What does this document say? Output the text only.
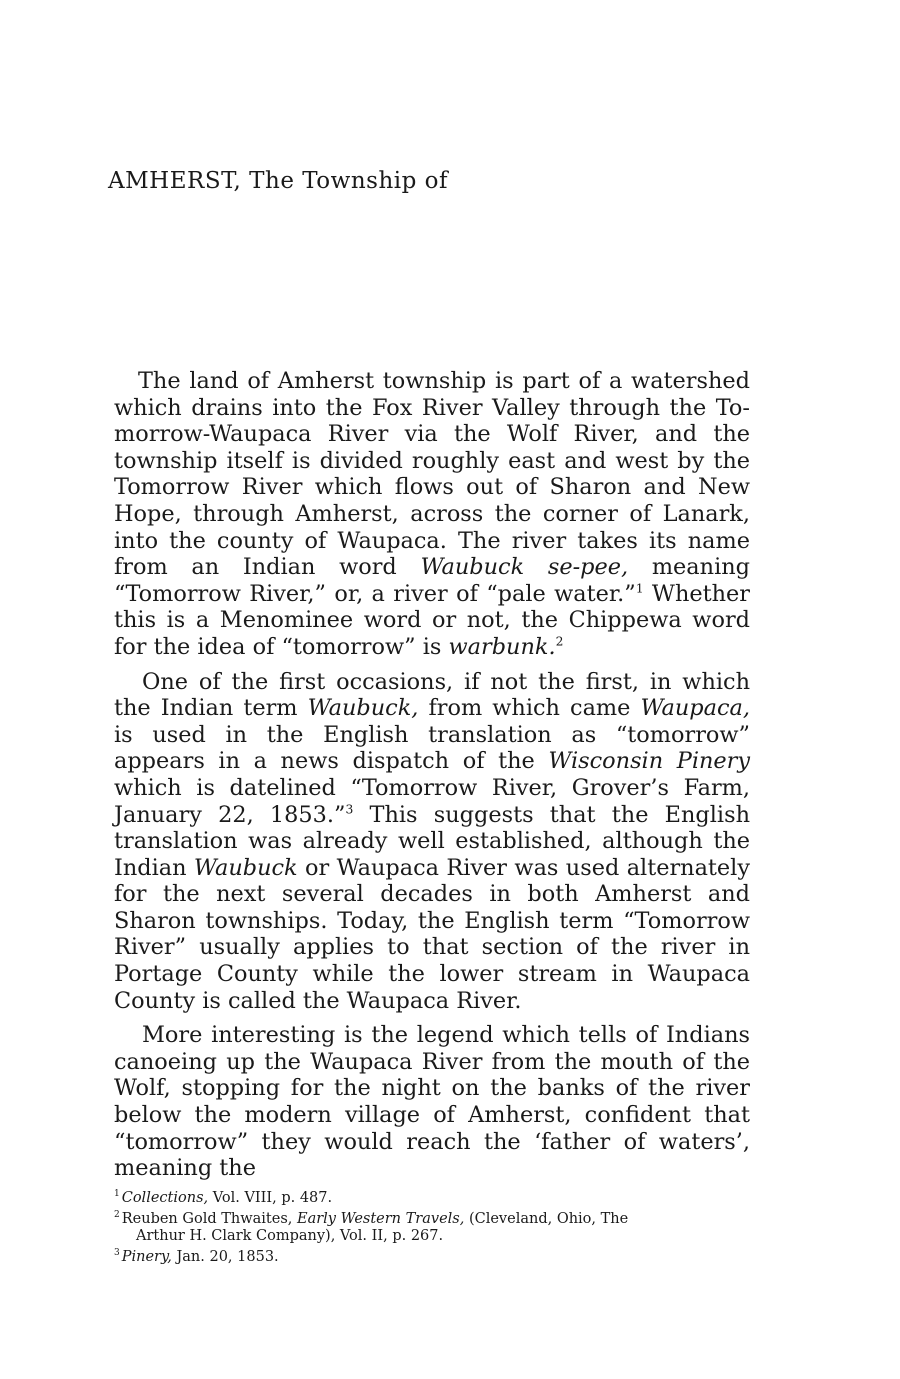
AMHERST, The Township of

The land of Amherst township is part of a watershed which drains into the Fox River Valley through the Tomorrow-Waupaca River via the Wolf River, and the township itself is divided roughly east and west by the Tomorrow River which flows out of Sharon and New Hope, through Amherst, across the corner of Lanark, into the county of Waupaca. The river takes its name from an Indian word Waubuck se-pee, meaning “Tomorrow River,” or, a river of “pale water.”$^1$ Whether this is a Menominee word or not, the Chippewa word for the idea of “tomorrow” is warbunk.$^2$

One of the first occasions, if not the first, in which the Indian term Waubuck, from which came Waupaca, is used in the English translation as “tomorrow” appears in a news dispatch of the Wisconsin Pinery which is datelined “Tomorrow River, Grover’s Farm, January 22, 1853.”$^3$ This suggests that the English translation was already well established, although the Indian Waubuck or Waupaca River was used alternately for the next several decades in both Amherst and Sharon townships. Today, the English term “Tomorrow River” usually applies to that section of the river in Portage County while the lower stream in Waupaca County is called the Waupaca River.

More interesting is the legend which tells of Indians canoeing up the Waupaca River from the mouth of the Wolf, stopping for the night on the banks of the river below the modern village of Amherst, confident that “tomorrow” they would reach the ‘father of waters’, meaning the

$^1$ Collections, Vol. VIII, p. 487.
$^2$ Reuben Gold Thwaites, Early Western Travels, (Cleveland, Ohio, The
Arthur H. Clark Company), Vol. II, p. 267.
$^3$ Pinery, Jan. 20, 1853.
